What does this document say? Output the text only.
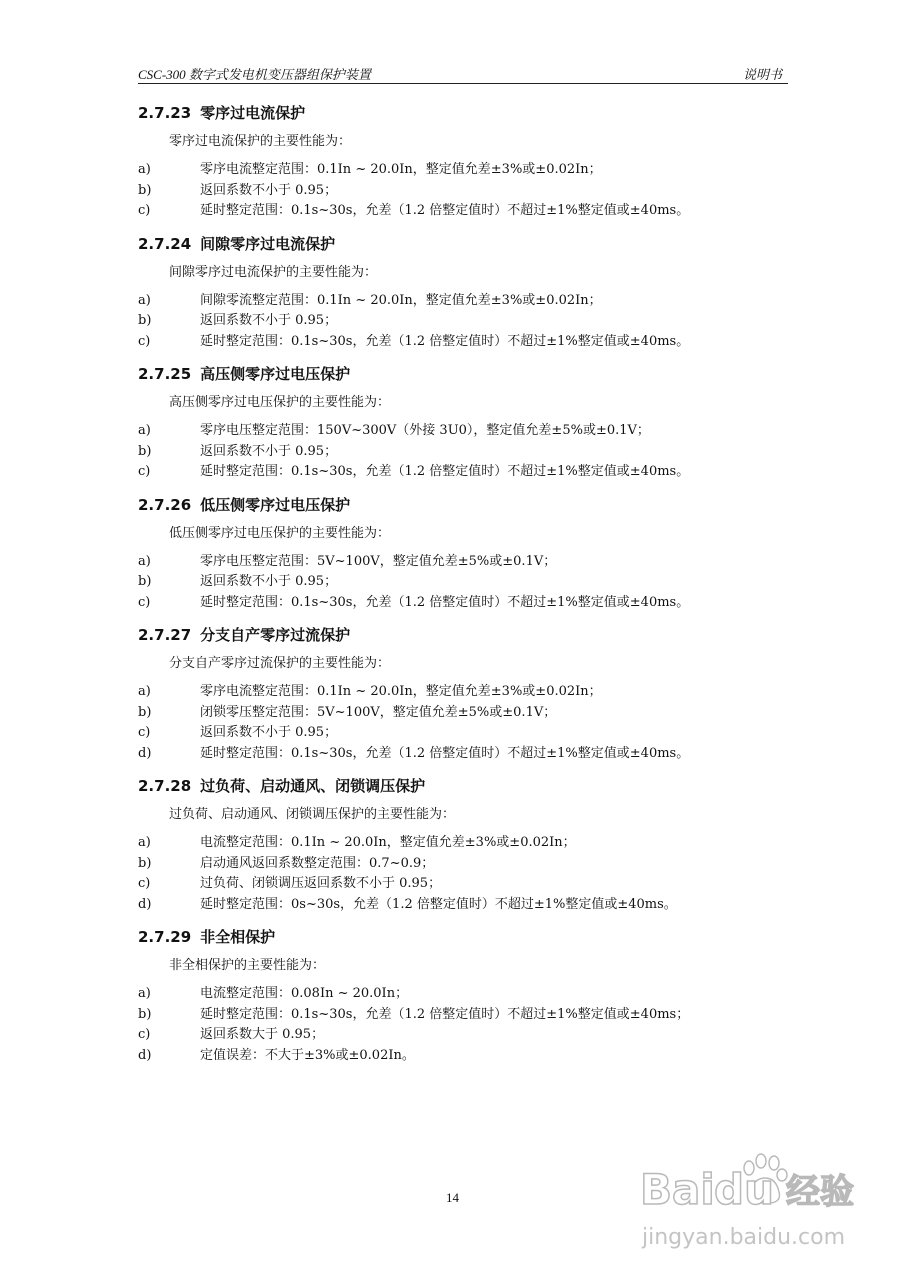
CSC-300 数字式发电机变压器组保护装置	说明书
2.7.23 零序过电流保护
零序过电流保护的主要性能为：
a)	零序电流整定范围：0.1In ~ 20.0In，整定值允差±3%或±0.02In；
b)	返回系数不小于 0.95；
c)	延时整定范围：0.1s~30s，允差（1.2 倍整定值时）不超过±1%整定值或±40ms。
2.7.24 间隙零序过电流保护
间隙零序过电流保护的主要性能为：
a)	间隙零流整定范围：0.1In ~ 20.0In，整定值允差±3%或±0.02In；
b)	返回系数不小于 0.95；
c)	延时整定范围：0.1s~30s，允差（1.2 倍整定值时）不超过±1%整定值或±40ms。
2.7.25 高压侧零序过电压保护
高压侧零序过电压保护的主要性能为：
a)	零序电压整定范围：150V~300V（外接 3U0），整定值允差±5%或±0.1V；
b)	返回系数不小于 0.95；
c)	延时整定范围：0.1s~30s，允差（1.2 倍整定值时）不超过±1%整定值或±40ms。
2.7.26 低压侧零序过电压保护
低压侧零序过电压保护的主要性能为：
a)	零序电压整定范围：5V~100V，整定值允差±5%或±0.1V；
b)	返回系数不小于 0.95；
c)	延时整定范围：0.1s~30s，允差（1.2 倍整定值时）不超过±1%整定值或±40ms。
2.7.27 分支自产零序过流保护
分支自产零序过流保护的主要性能为：
a)	零序电流整定范围：0.1In ~ 20.0In，整定值允差±3%或±0.02In；
b)	闭锁零压整定范围：5V~100V，整定值允差±5%或±0.1V；
c)	返回系数不小于 0.95；
d)	延时整定范围：0.1s~30s，允差（1.2 倍整定值时）不超过±1%整定值或±40ms。
2.7.28 过负荷、启动通风、闭锁调压保护
过负荷、启动通风、闭锁调压保护的主要性能为：
a)	电流整定范围：0.1In ~ 20.0In，整定值允差±3%或±0.02In；
b)	启动通风返回系数整定范围：0.7~0.9；
c)	过负荷、闭锁调压返回系数不小于 0.95；
d)	延时整定范围：0s~30s，允差（1.2 倍整定值时）不超过±1%整定值或±40ms。
2.7.29 非全相保护
非全相保护的主要性能为：
a)	电流整定范围：0.08In ~ 20.0In；
b)	延时整定范围：0.1s~30s，允差（1.2 倍整定值时）不超过±1%整定值或±40ms；
c)	返回系数大于 0.95；
d)	定值误差：不大于±3%或±0.02In。
14	Bai du 经验
jingyan.baidu.com
